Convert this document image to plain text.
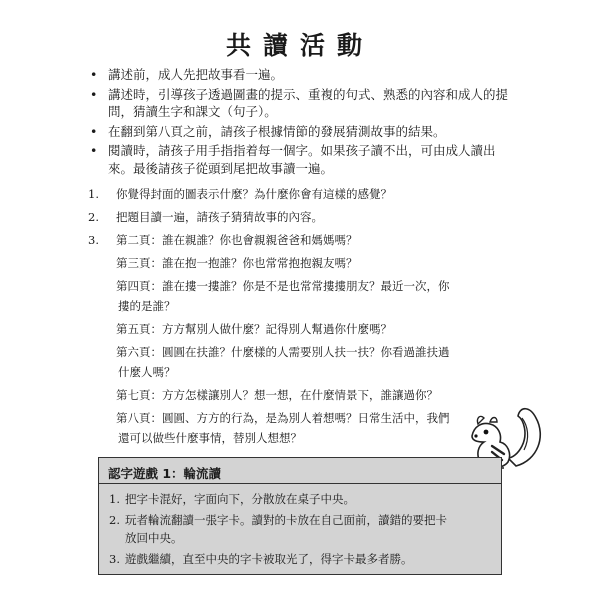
共讀活動
• 講述前，成人先把故事看一遍。
• 講述時，引導孩子透過圖畫的提示、重複的句式、熟悉的內容和成人的提問，猜讀生字和課文（句子）。
• 在翻到第八頁之前，請孩子根據情節的發展猜測故事的結果。
• 閱讀時，請孩子用手指指着每一個字。如果孩子讀不出，可由成人讀出來。最後請孩子從頭到尾把故事讀一遍。
1. 你覺得封面的圖表示什麼？為什麼你會有這樣的感覺？
2. 把題目讀一遍，請孩子猜猜故事的內容。
3. 第二頁：誰在親誰？你也會親親爸爸和媽媽嗎？
第三頁：誰在抱一抱誰？你也常常抱抱親友嗎？
第四頁：誰在摟一摟誰？你是不是也常常摟摟朋友？最近一次，你
摟的是誰？
第五頁：方方幫別人做什麼？記得別人幫過你什麼嗎？
第六頁：圓圓在扶誰？什麼樣的人需要別人扶一扶？你看過誰扶過
什麼人嗎？
第七頁：方方怎樣讓別人？想一想，在什麼情景下，誰讓過你？
第八頁：圓圓、方方的行為，是為別人着想嗎？日常生活中，我們
還可以做些什麼事情，替別人想想？
認字遊戲 1：輪流讀
1. 把字卡混好，字面向下，分散放在桌子中央。
2. 玩者輪流翻讀一張字卡。讀對的卡放在自己面前，讀錯的要把卡
放回中央。
3. 遊戲繼續，直至中央的字卡被取光了，得字卡最多者勝。
